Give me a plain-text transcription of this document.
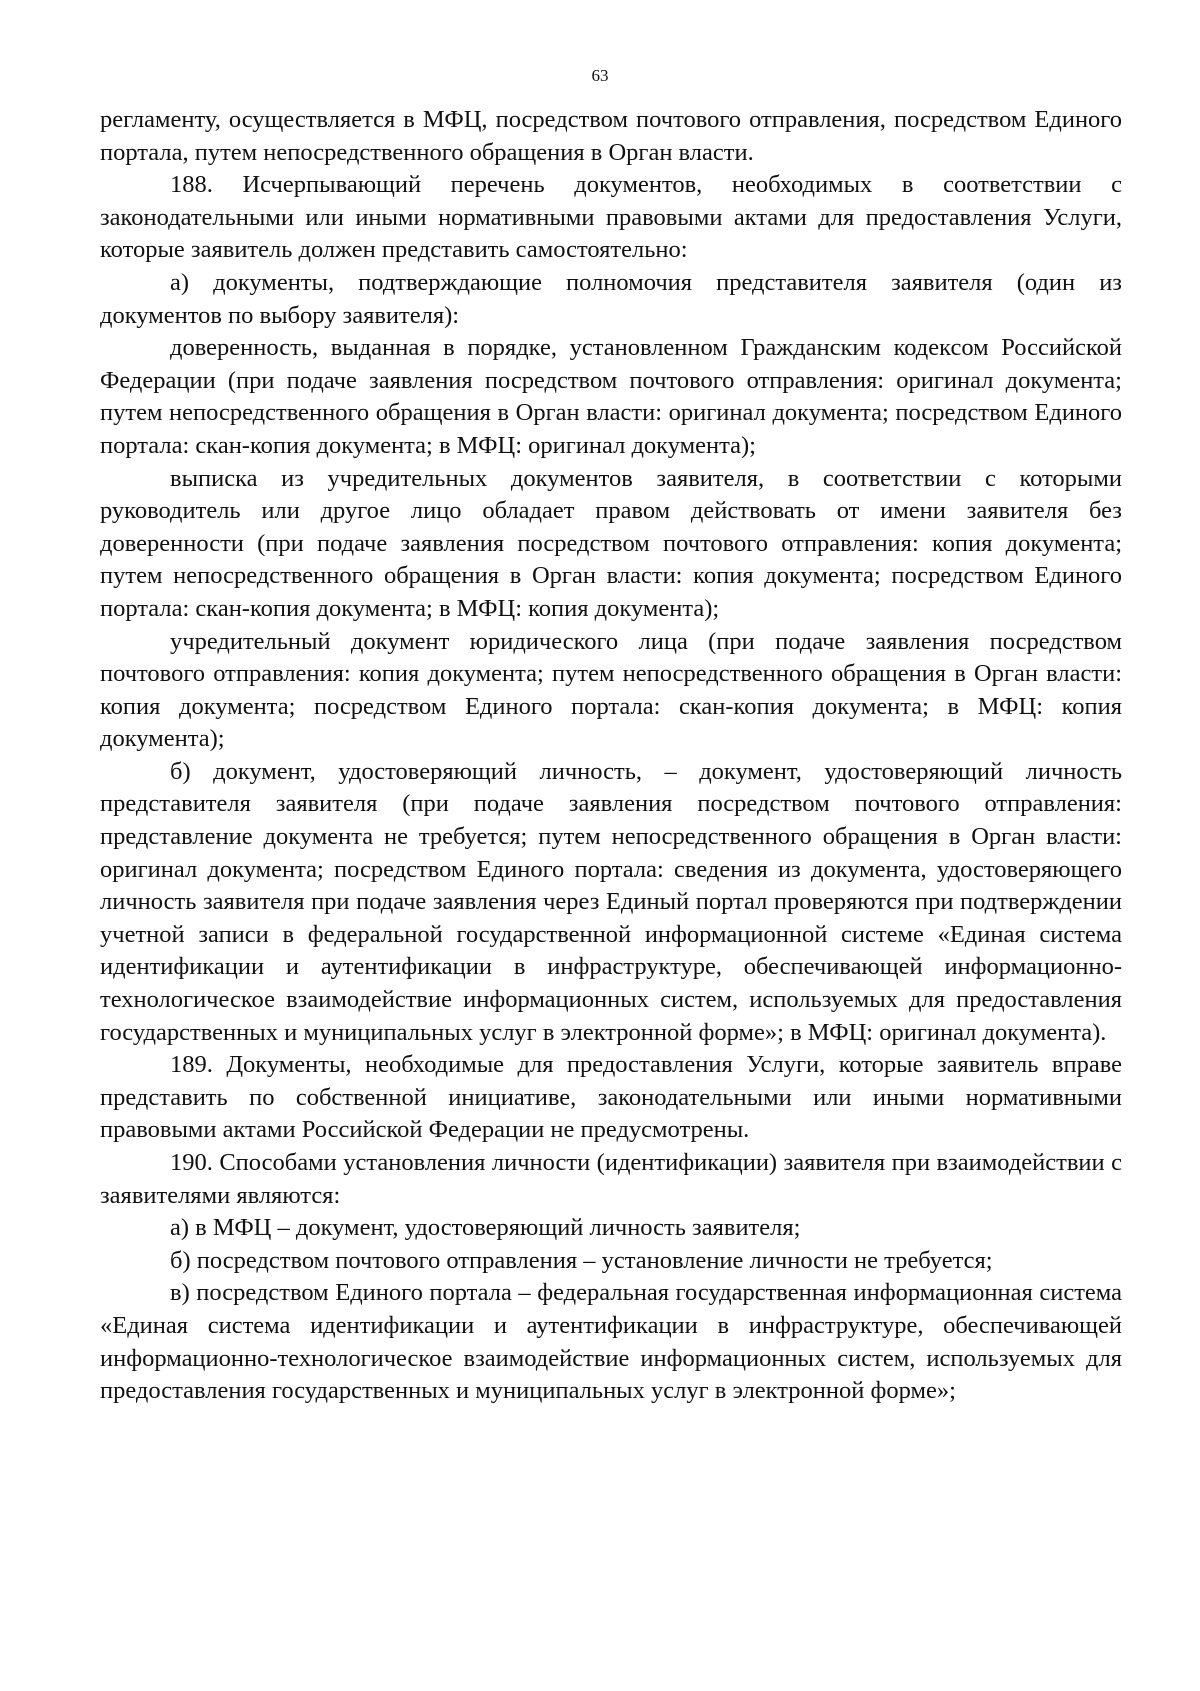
63

регламенту, осуществляется в МФЦ, посредством почтового отправления, посредством Единого портала, путем непосредственного обращения в Орган власти.

188. Исчерпывающий перечень документов, необходимых в соответствии с законодательными или иными нормативными правовыми актами для предоставления Услуги, которые заявитель должен представить самостоятельно:

а) документы, подтверждающие полномочия представителя заявителя (один из документов по выбору заявителя):

доверенность, выданная в порядке, установленном Гражданским кодексом Российской Федерации (при подаче заявления посредством почтового отправления: оригинал документа; путем непосредственного обращения в Орган власти: оригинал документа; посредством Единого портала: скан-копия документа; в МФЦ: оригинал документа);

выписка из учредительных документов заявителя, в соответствии с которыми руководитель или другое лицо обладает правом действовать от имени заявителя без доверенности (при подаче заявления посредством почтового отправления: копия документа; путем непосредственного обращения в Орган власти: копия документа; посредством Единого портала: скан-копия документа; в МФЦ: копия документа);

учредительный документ юридического лица (при подаче заявления посредством почтового отправления: копия документа; путем непосредственного обращения в Орган власти: копия документа; посредством Единого портала: скан-копия документа; в МФЦ: копия документа);

б) документ, удостоверяющий личность, – документ, удостоверяющий личность представителя заявителя (при подаче заявления посредством почтового отправления: представление документа не требуется; путем непосредственного обращения в Орган власти: оригинал документа; посредством Единого портала: сведения из документа, удостоверяющего личность заявителя при подаче заявления через Единый портал проверяются при подтверждении учетной записи в федеральной государственной информационной системе «Единая система идентификации и аутентификации в инфраструктуре, обеспечивающей информационно-технологическое взаимодействие информационных систем, используемых для предоставления государственных и муниципальных услуг в электронной форме»; в МФЦ: оригинал документа).

189. Документы, необходимые для предоставления Услуги, которые заявитель вправе представить по собственной инициативе, законодательными или иными нормативными правовыми актами Российской Федерации не предусмотрены.

190. Способами установления личности (идентификации) заявителя при взаимодействии с заявителями являются:

а) в МФЦ – документ, удостоверяющий личность заявителя;

б) посредством почтового отправления – установление личности не требуется;

в) посредством Единого портала – федеральная государственная информационная система «Единая система идентификации и аутентификации в инфраструктуре, обеспечивающей информационно-технологическое взаимодействие информационных систем, используемых для предоставления государственных и муниципальных услуг в электронной форме»;
